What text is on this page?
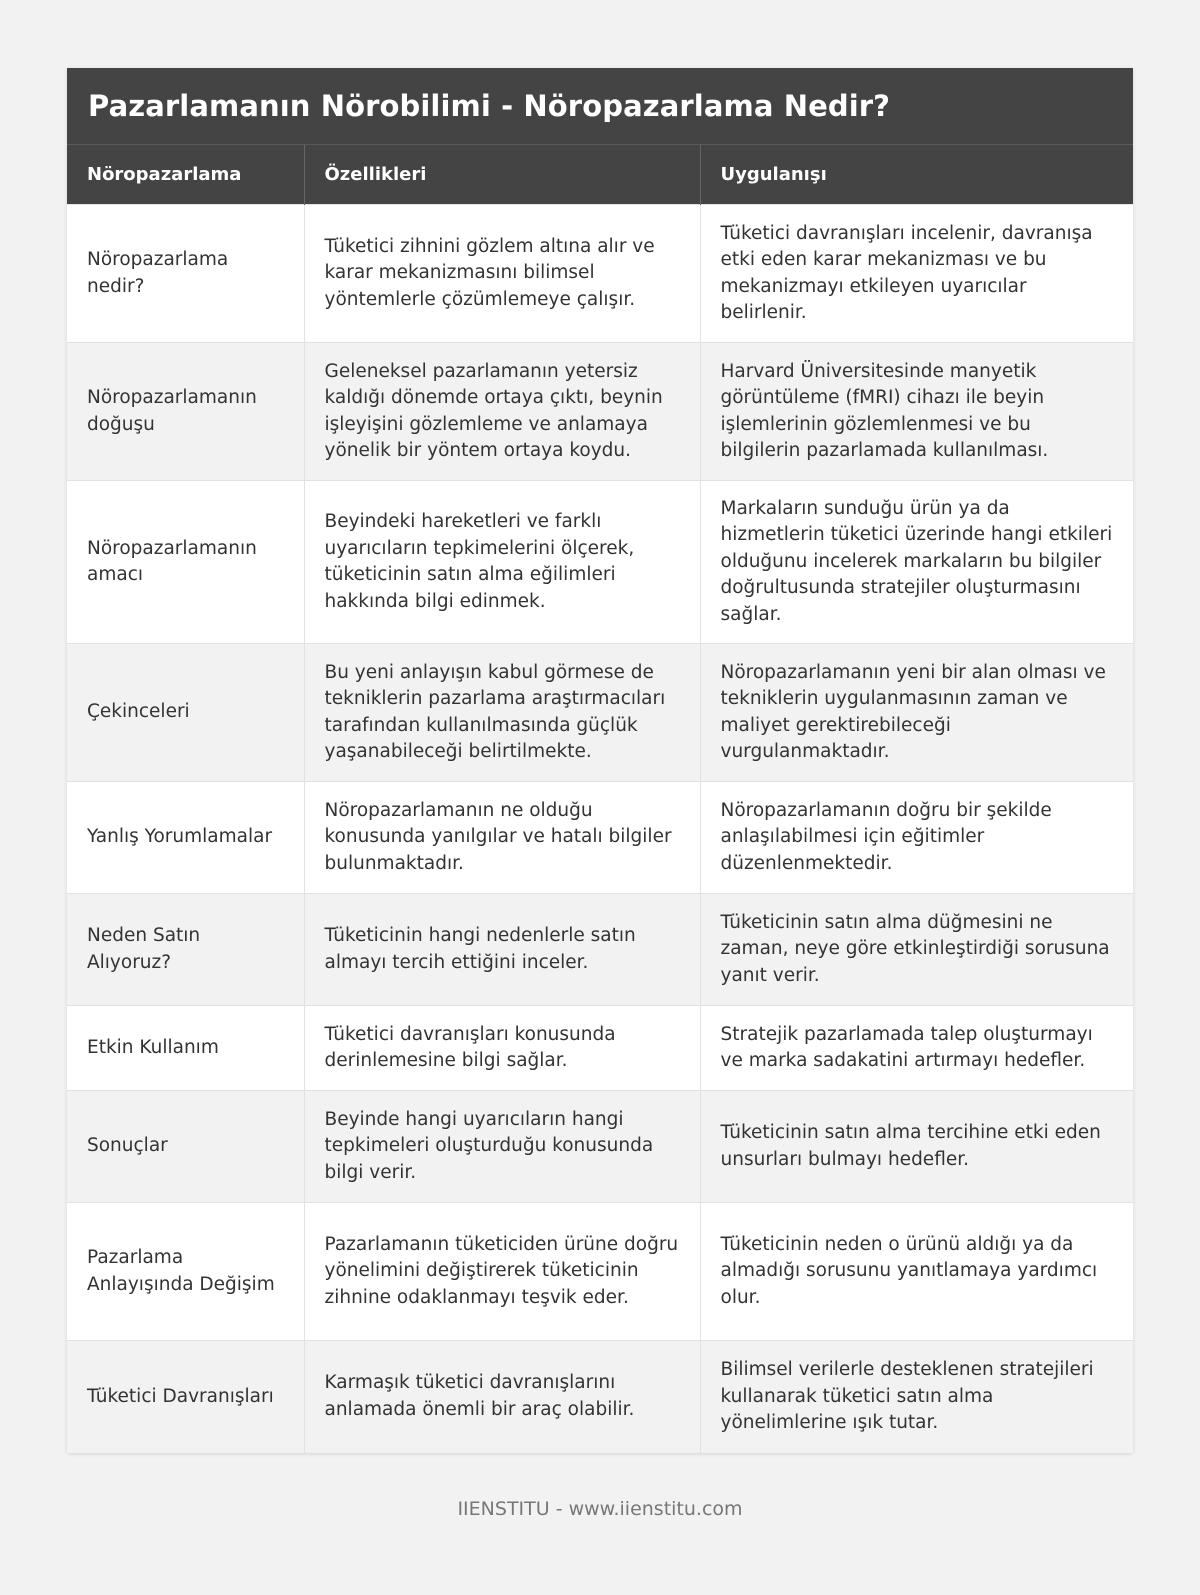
Pazarlamanın Nörobilimi - Nöropazarlama Nedir?
Nöropazarlama	Özellikleri	Uygulanışı
Nöropazarlama nedir?	Tüketici zihnini gözlem altına alır ve karar mekanizmasını bilimsel yöntemlerle çözümlemeye çalışır.	Tüketici davranışları incelenir, davranışa etki eden karar mekanizması ve bu mekanizmayı etkileyen uyarıcılar belirlenir.
Nöropazarlamanın doğuşu	Geleneksel pazarlamanın yetersiz kaldığı dönemde ortaya çıktı, beynin işleyişini gözlemleme ve anlamaya yönelik bir yöntem ortaya koydu.	Harvard Üniversitesinde manyetik görüntüleme (fMRI) cihazı ile beyin işlemlerinin gözlemlenmesi ve bu bilgilerin pazarlamada kullanılması.
Nöropazarlamanın amacı	Beyindeki hareketleri ve farklı uyarıcıların tepkimelerini ölçerek, tüketicinin satın alma eğilimleri hakkında bilgi edinmek.	Markaların sunduğu ürün ya da hizmetlerin tüketici üzerinde hangi etkileri olduğunu incelerek markaların bu bilgiler doğrultusunda stratejiler oluşturmasını sağlar.
Çekinceleri	Bu yeni anlayışın kabul görmese de tekniklerin pazarlama araştırmacıları tarafından kullanılmasında güçlük yaşanabileceği belirtilmekte.	Nöropazarlamanın yeni bir alan olması ve tekniklerin uygulanmasının zaman ve maliyet gerektirebileceği vurgulanmaktadır.
Yanlış Yorumlamalar	Nöropazarlamanın ne olduğu konusunda yanılgılar ve hatalı bilgiler bulunmaktadır.	Nöropazarlamanın doğru bir şekilde anlaşılabilmesi için eğitimler düzenlenmektedir.
Neden Satın Alıyoruz?	Tüketicinin hangi nedenlerle satın almayı tercih ettiğini inceler.	Tüketicinin satın alma düğmesini ne zaman, neye göre etkinleştirdiği sorusuna yanıt verir.
Etkin Kullanım	Tüketici davranışları konusunda derinlemesine bilgi sağlar.	Stratejik pazarlamada talep oluşturmayı ve marka sadakatini artırmayı hedefler.
Sonuçlar	Beyinde hangi uyarıcıların hangi tepkimeleri oluşturduğu konusunda bilgi verir.	Tüketicinin satın alma tercihine etki eden unsurları bulmayı hedefler.
Pazarlama Anlayışında Değişim	Pazarlamanın tüketiciden ürüne doğru yönelimini değiştirerek tüketicinin zihnine odaklanmayı teşvik eder.	Tüketicinin neden o ürünü aldığı ya da almadığı sorusunu yanıtlamaya yardımcı olur.
Tüketici Davranışları	Karmaşık tüketici davranışlarını anlamada önemli bir araç olabilir.	Bilimsel verilerle desteklenen stratejileri kullanarak tüketici satın alma yönelimlerine ışık tutar.
IIENSTITU - www.iienstitu.com
